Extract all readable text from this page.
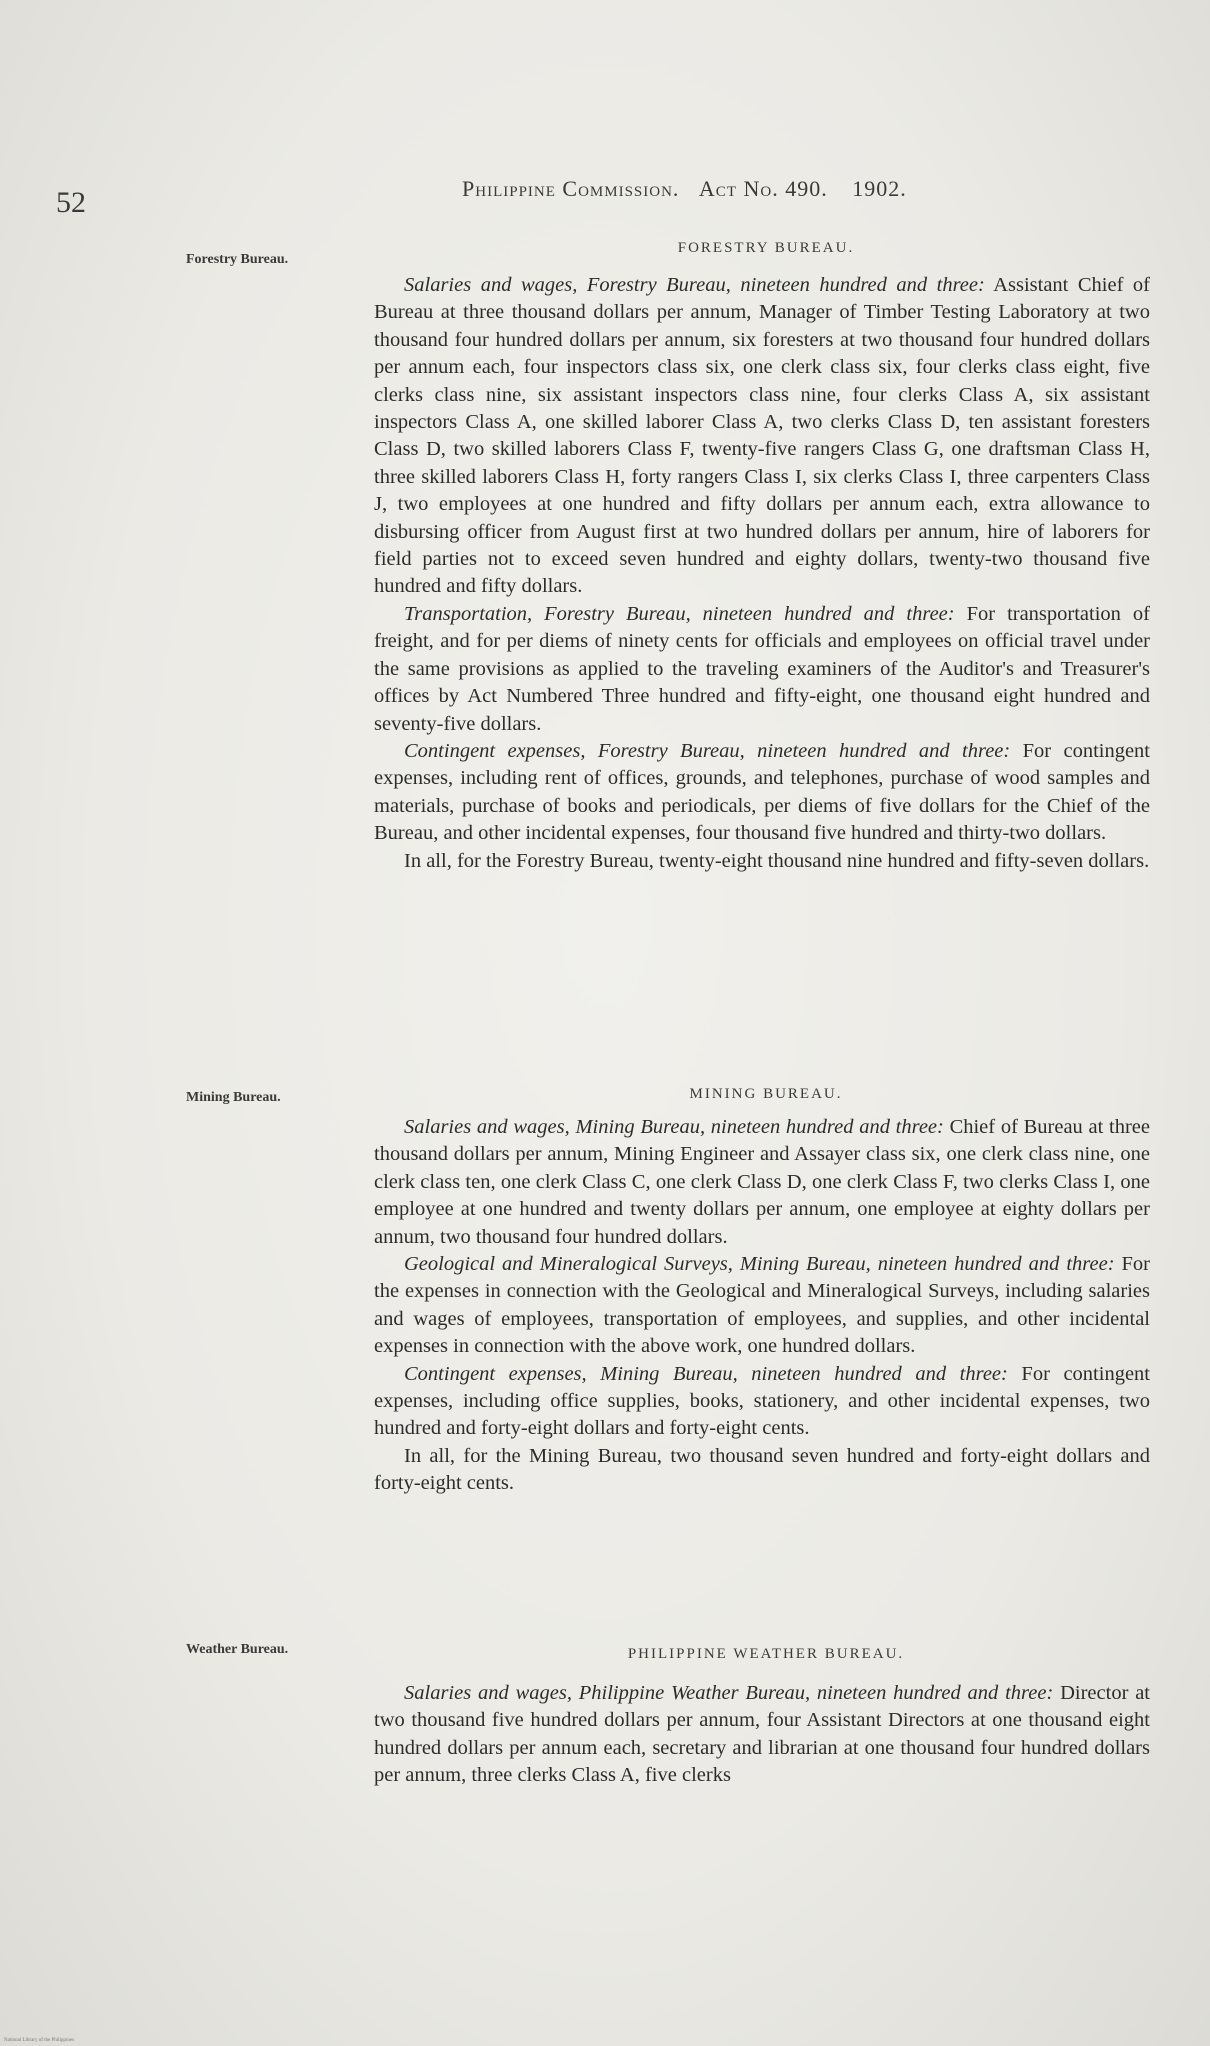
52	Philippine Commission. Act No. 490. 1902.
Forestry Bureau.
FORESTRY BUREAU.

Salaries and wages, Forestry Bureau, nineteen hundred and three: Assistant Chief of Bureau at three thousand dollars per annum, Manager of Timber Testing Laboratory at two thousand four hundred dollars per annum, six foresters at two thousand four hundred dollars per annum each, four inspectors class six, one clerk class six, four clerks class eight, five clerks class nine, six assistant inspectors class nine, four clerks Class A, six assistant inspectors Class A, one skilled laborer Class A, two clerks Class D, ten assistant foresters Class D, two skilled laborers Class F, twenty-five rangers Class G, one draftsman Class H, three skilled laborers Class H, forty rangers Class I, six clerks Class I, three carpenters Class J, two employees at one hundred and fifty dollars per annum each, extra allowance to disbursing officer from August first at two hundred dollars per annum, hire of laborers for field parties not to exceed seven hundred and eighty dollars, twenty-two thousand five hundred and fifty dollars.

Transportation, Forestry Bureau, nineteen hundred and three: For transportation of freight, and for per diems of ninety cents for officials and employees on official travel under the same provisions as applied to the traveling examiners of the Auditor's and Treasurer's offices by Act Numbered Three hundred and fifty-eight, one thousand eight hundred and seventy-five dollars.

Contingent expenses, Forestry Bureau, nineteen hundred and three: For contingent expenses, including rent of offices, grounds, and telephones, purchase of wood samples and materials, purchase of books and periodicals, per diems of five dollars for the Chief of the Bureau, and other incidental expenses, four thousand five hundred and thirty-two dollars.

In all, for the Forestry Bureau, twenty-eight thousand nine hundred and fifty-seven dollars.

Mining Bureau.	MINING BUREAU.

Salaries and wages, Mining Bureau, nineteen hundred and three: Chief of Bureau at three thousand dollars per annum, Mining Engineer and Assayer class six, one clerk class nine, one clerk class ten, one clerk Class C, one clerk Class D, one clerk Class F, two clerks Class I, one employee at one hundred and twenty dollars per annum, one employee at eighty dollars per annum, two thousand four hundred dollars.

Geological and Mineralogical Surveys, Mining Bureau, nineteen hundred and three: For the expenses in connection with the Geological and Mineralogical Surveys, including salaries and wages of employees, transportation of employees, and supplies, and other incidental expenses in connection with the above work, one hundred dollars.

Contingent expenses, Mining Bureau, nineteen hundred and three: For contingent expenses, including office supplies, books, stationery, and other incidental expenses, two hundred and forty-eight dollars and forty-eight cents.

In all, for the Mining Bureau, two thousand seven hundred and forty-eight dollars and forty-eight cents.

Weather Bureau.	PHILIPPINE WEATHER BUREAU.

Salaries and wages, Philippine Weather Bureau, nineteen hundred and three: Director at two thousand five hundred dollars per annum, four Assistant Directors at one thousand eight hundred dollars per annum each, secretary and librarian at one thousand four hundred dollars per annum, three clerks Class A, five clerks

National Library of the Philippines
